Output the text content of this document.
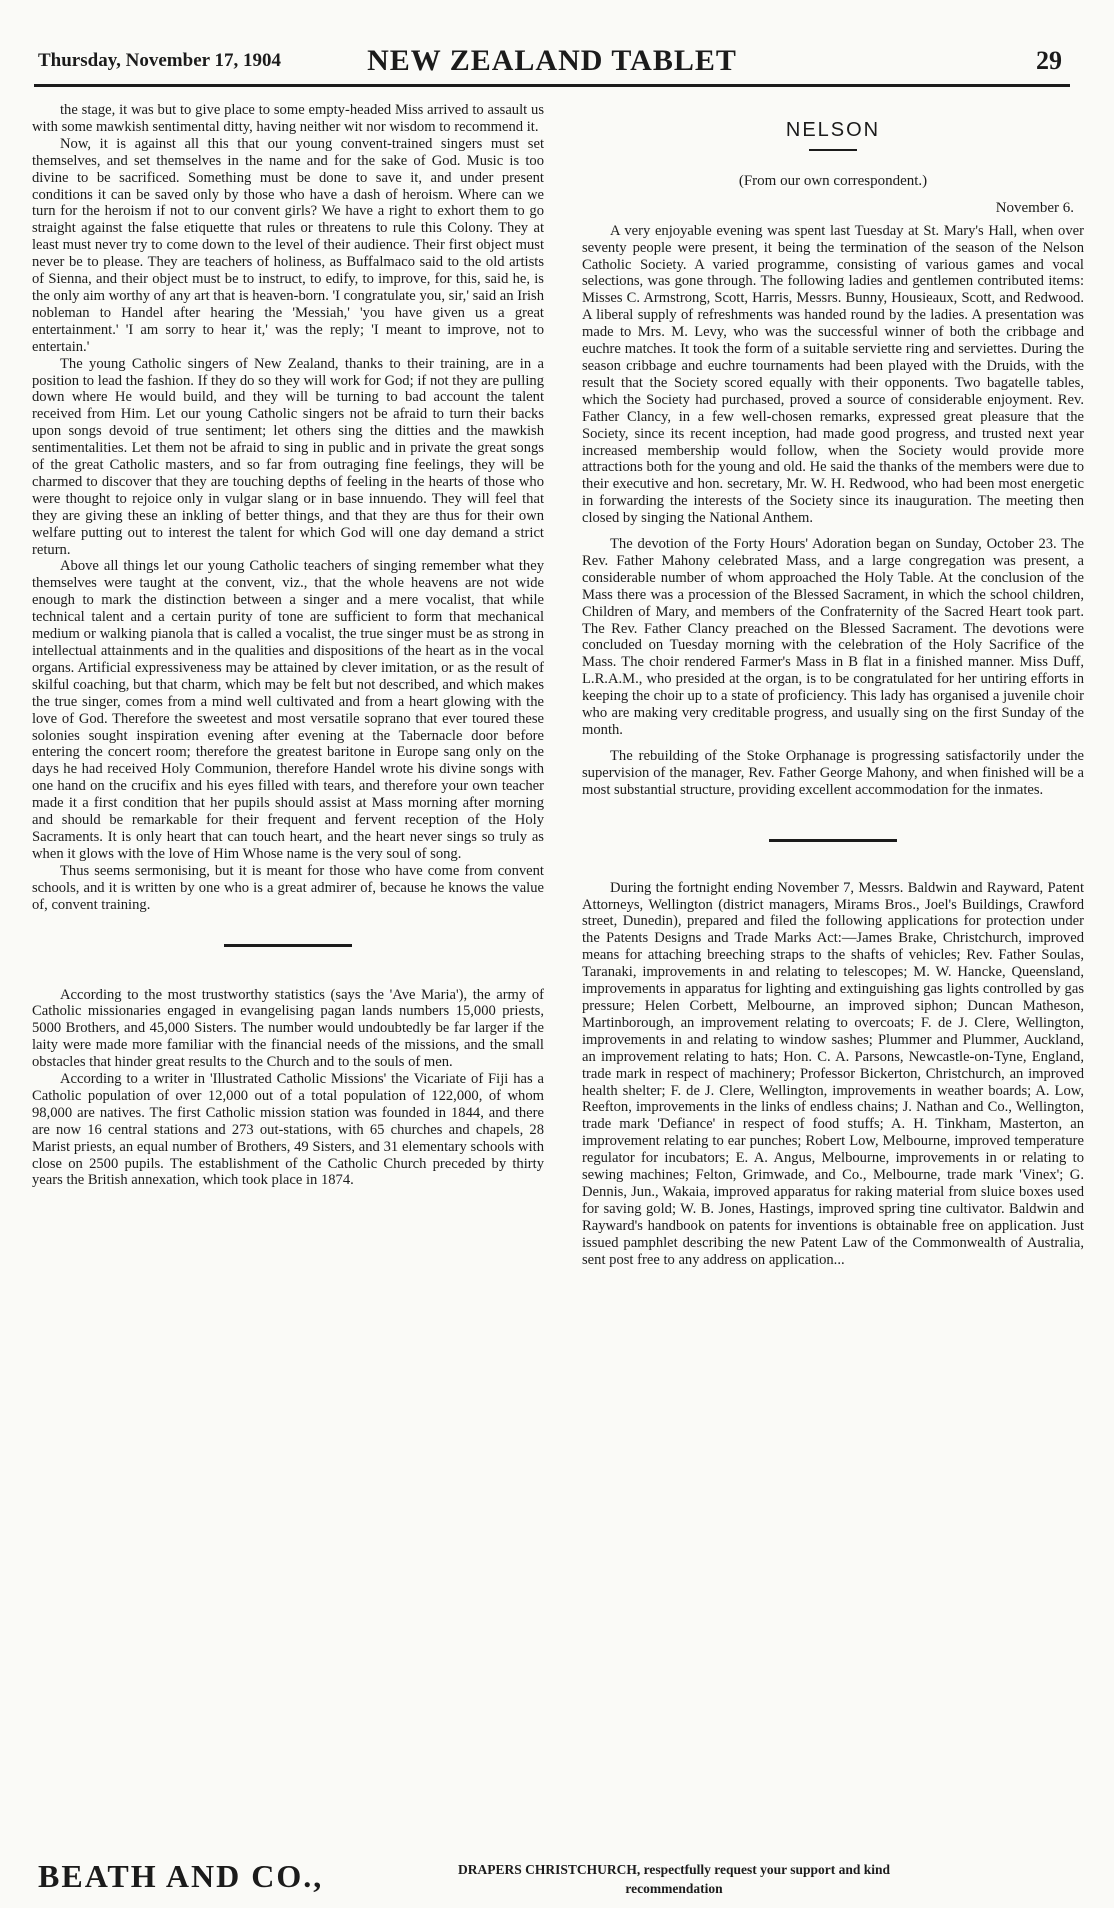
Thursday, November 17, 1904	NEW ZEALAND TABLET	29

the stage, it was but to give place to some empty-headed Miss arrived to assault us with some mawkish sentimental ditty, having neither wit nor wisdom to recommend it.

Now, it is against all this that our young convent-trained singers must set themselves, and set themselves in the name and for the sake of God. Music is too divine to be sacrificed. Something must be done to save it, and under present conditions it can be saved only by those who have a dash of heroism. Where can we turn for the heroism if not to our convent girls? We have a right to exhort them to go straight against the false etiquette that rules or threatens to rule this Colony. They at least must never try to come down to the level of their audience. Their first object must never be to please. They are teachers of holiness, as Buffalmaco said to the old artists of Sienna, and their object must be to instruct, to edify, to improve, for this, said he, is the only aim worthy of any art that is heaven-born. 'I congratulate you, sir,' said an Irish nobleman to Handel after hearing the 'Messiah,' 'you have given us a great entertainment.' 'I am sorry to hear it,' was the reply; 'I meant to improve, not to entertain.'

The young Catholic singers of New Zealand, thanks to their training, are in a position to lead the fashion. If they do so they will work for God; if not they are pulling down where He would build, and they will be turning to bad account the talent received from Him. Let our young Catholic singers not be afraid to turn their backs upon songs devoid of true sentiment; let others sing the ditties and the mawkish sentimentalities. Let them not be afraid to sing in public and in private the great songs of the great Catholic masters, and so far from outraging fine feelings, they will be charmed to discover that they are touching depths of feeling in the hearts of those who were thought to rejoice only in vulgar slang or in base innuendo. They will feel that they are giving these an inkling of better things, and that they are thus for their own welfare putting out to interest the talent for which God will one day demand a strict return.

Above all things let our young Catholic teachers of singing remember what they themselves were taught at the convent, viz., that the whole heavens are not wide enough to mark the distinction between a singer and a mere vocalist, that while technical talent and a certain purity of tone are sufficient to form that mechanical medium or walking pianola that is called a vocalist, the true singer must be as strong in intellectual attainments and in the qualities and dispositions of the heart as in the vocal organs. Artificial expressiveness may be attained by clever imitation, or as the result of skilful coaching, but that charm, which may be felt but not described, and which makes the true singer, comes from a mind well cultivated and from a heart glowing with the love of God. Therefore the sweetest and most versatile soprano that ever toured these solonies sought inspiration evening after evening at the Tabernacle door before entering the concert room; therefore the greatest baritone in Europe sang only on the days he had received Holy Communion, therefore Handel wrote his divine songs with one hand on the crucifix and his eyes filled with tears, and therefore your own teacher made it a first condition that her pupils should assist at Mass morning after morning and should be remarkable for their frequent and fervent reception of the Holy Sacraments. It is only heart that can touch heart, and the heart never sings so truly as when it glows with the love of Him Whose name is the very soul of song.

Thus seems sermonising, but it is meant for those who have come from convent schools, and it is written by one who is a great admirer of, because he knows the value of, convent training.

According to the most trustworthy statistics (says the 'Ave Maria'), the army of Catholic missionaries engaged in evangelising pagan lands numbers 15,000 priests, 5000 Brothers, and 45,000 Sisters. The number would undoubtedly be far larger if the laity were made more familiar with the financial needs of the missions, and the small obstacles that hinder great results to the Church and to the souls of men.

According to a writer in 'Illustrated Catholic Missions' the Vicariate of Fiji has a Catholic population of over 12,000 out of a total population of 122,000, of whom 98,000 are natives. The first Catholic mission station was founded in 1844, and there are now 16 central stations and 273 out-stations, with 65 churches and chapels, 28 Marist priests, an equal number of Brothers, 49 Sisters, and 31 elementary schools with close on 2500 pupils. The establishment of the Catholic Church preceded by thirty years the British annexation, which took place in 1874.

NELSON
(From our own correspondent.)
November 6.

A very enjoyable evening was spent last Tuesday at St. Mary's Hall, when over seventy people were present, it being the termination of the season of the Nelson Catholic Society. A varied programme, consisting of various games and vocal selections, was gone through. The following ladies and gentlemen contributed items: Misses C. Armstrong, Scott, Harris, Messrs. Bunny, Housieaux, Scott, and Redwood. A liberal supply of refreshments was handed round by the ladies. A presentation was made to Mrs. M. Levy, who was the successful winner of both the cribbage and euchre matches. It took the form of a suitable serviette ring and serviettes. During the season cribbage and euchre tournaments had been played with the Druids, with the result that the Society scored equally with their opponents. Two bagatelle tables, which the Society had purchased, proved a source of considerable enjoyment. Rev. Father Clancy, in a few well-chosen remarks, expressed great pleasure that the Society, since its recent inception, had made good progress, and trusted next year increased membership would follow, when the Society would provide more attractions both for the young and old. He said the thanks of the members were due to their executive and hon. secretary, Mr. W. H. Redwood, who had been most energetic in forwarding the interests of the Society since its inauguration. The meeting then closed by singing the National Anthem.

The devotion of the Forty Hours' Adoration began on Sunday, October 23. The Rev. Father Mahony celebrated Mass, and a large congregation was present, a considerable number of whom approached the Holy Table. At the conclusion of the Mass there was a procession of the Blessed Sacrament, in which the school children, Children of Mary, and members of the Confraternity of the Sacred Heart took part. The Rev. Father Clancy preached on the Blessed Sacrament. The devotions were concluded on Tuesday morning with the celebration of the Holy Sacrifice of the Mass. The choir rendered Farmer's Mass in B flat in a finished manner. Miss Duff, L.R.A.M., who presided at the organ, is to be congratulated for her untiring efforts in keeping the choir up to a state of proficiency. This lady has organised a juvenile choir who are making very creditable progress, and usually sing on the first Sunday of the month.

The rebuilding of the Stoke Orphanage is progressing satisfactorily under the supervision of the manager, Rev. Father George Mahony, and when finished will be a most substantial structure, providing excellent accommodation for the inmates.

During the fortnight ending November 7, Messrs. Baldwin and Rayward, Patent Attorneys, Wellington (district managers, Mirams Bros., Joel's Buildings, Crawford street, Dunedin), prepared and filed the following applications for protection under the Patents Designs and Trade Marks Act:—James Brake, Christchurch, improved means for attaching breeching straps to the shafts of vehicles; Rev. Father Soulas, Taranaki, improvements in and relating to telescopes; M. W. Hancke, Queensland, improvements in apparatus for lighting and extinguishing gas lights controlled by gas pressure; Helen Corbett, Melbourne, an improved siphon; Duncan Matheson, Martinborough, an improvement relating to overcoats; F. de J. Clere, Wellington, improvements in and relating to window sashes; Plummer and Plummer, Auckland, an improvement relating to hats; Hon. C. A. Parsons, Newcastle-on-Tyne, England, trade mark in respect of machinery; Professor Bickerton, Christchurch, an improved health shelter; F. de J. Clere, Wellington, improvements in weather boards; A. Low, Reefton, improvements in the links of endless chains; J. Nathan and Co., Wellington, trade mark 'Defiance' in respect of food stuffs; A. H. Tinkham, Masterton, an improvement relating to ear punches; Robert Low, Melbourne, improved temperature regulator for incubators; E. A. Angus, Melbourne, improvements in or relating to sewing machines; Felton, Grimwade, and Co., Melbourne, trade mark 'Vinex'; G. Dennis, Jun., Wakaia, improved apparatus for raking material from sluice boxes used for saving gold; W. B. Jones, Hastings, improved spring tine cultivator. Baldwin and Rayward's handbook on patents for inventions is obtainable free on application. Just issued pamphlet describing the new Patent Law of the Commonwealth of Australia, sent post free to any address on application...

BEATH AND CO.,	DRAPERS CHRISTCHURCH, respectfully request your support and kind
recommendation
